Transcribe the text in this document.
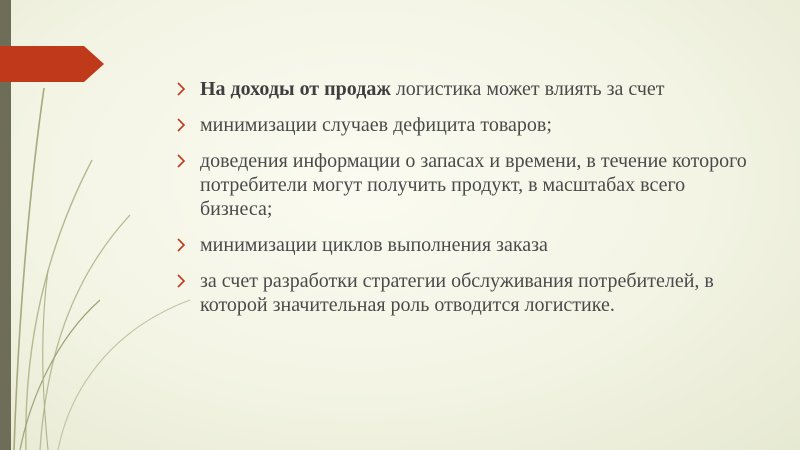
На доходы от продаж логистика может влиять за счет
минимизации случаев дефицита товаров;
доведения информации о запасах и времени, в течение которого потребители могут получить продукт, в масштабах всего бизнеса;
минимизации циклов выполнения заказа
за счет разработки стратегии обслуживания потребителей, в которой значительная роль отводится логистике.
